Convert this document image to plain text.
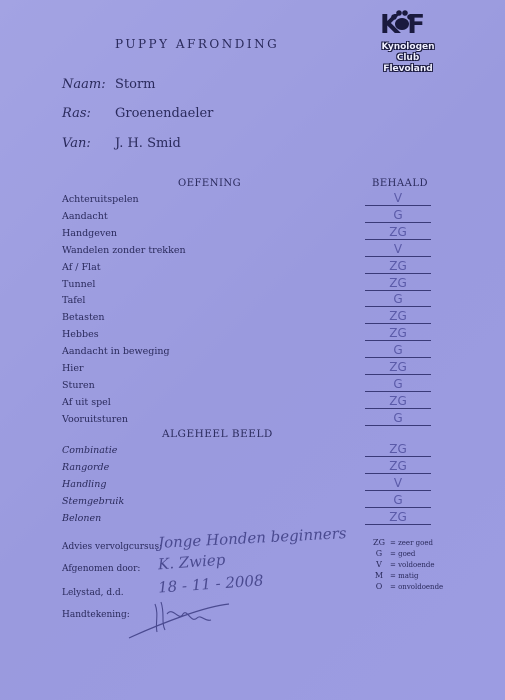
PUPPY AFRONDING
K F
Kynologen
Club
Flevoland
Naam: Storm
Ras: Groenendaeler
Van: J. H. Smid
OEFENING	BEHAALD
Achteruitspelen	V
Aandacht	G
Handgeven	ZG
Wandelen zonder trekken	V
Af / Flat	ZG
Tunnel	ZG
Tafel	G
Betasten	ZG
Hebbes	ZG
Aandacht in beweging	G
Hier	ZG
Sturen	G
Af uit spel	ZG
Vooruitsturen	G
ALGEHEEL BEELD
Combinatie	ZG
Rangorde	ZG
Handling	V
Stemgebruik	G
Belonen	ZG
Advies vervolgcursus:
Jonge Honden beginners
Afgenomen door: K. Zwiep
Lelystad, d.d. 18 - 11 - 2008
Handtekening:
ZG = zeer goed
G = goed
V = voldoende
M = matig
O = onvoldoende
